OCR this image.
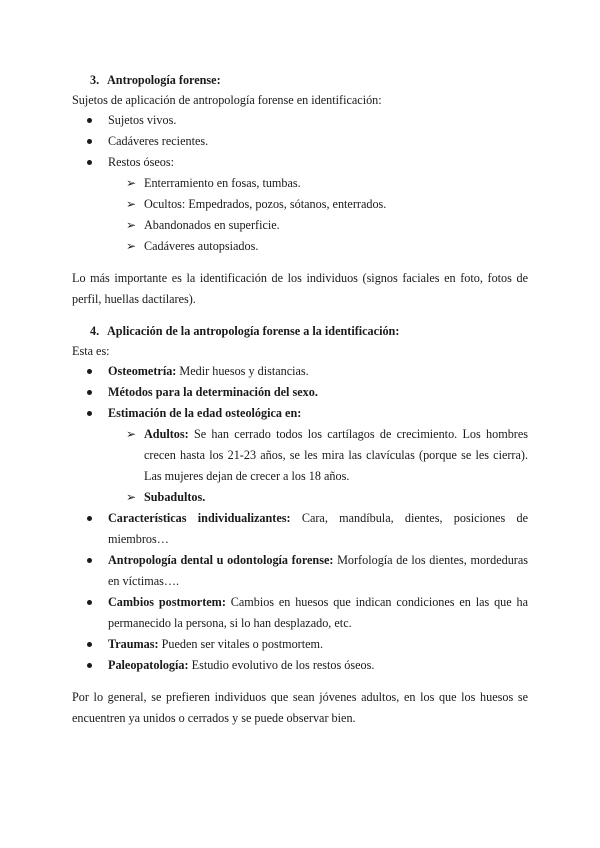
3. Antropología forense:
Sujetos de aplicación de antropología forense en identificación:
Sujetos vivos.
Cadáveres recientes.
Restos óseos:
➢ Enterramiento en fosas, tumbas.
➢ Ocultos: Empedrados, pozos, sótanos, enterrados.
➢ Abandonados en superficie.
➢ Cadáveres autopsiados.
Lo más importante es la identificación de los individuos (signos faciales en foto, fotos de perfil, huellas dactilares).
4. Aplicación de la antropología forense a la identificación:
Esta es:
Osteometría: Medir huesos y distancias.
Métodos para la determinación del sexo.
Estimación de la edad osteológica en:
➢ Adultos: Se han cerrado todos los cartílagos de crecimiento. Los hombres crecen hasta los 21-23 años, se les mira las clavículas (porque se les cierra). Las mujeres dejan de crecer a los 18 años.
➢ Subadultos.
Características individualizantes: Cara, mandíbula, dientes, posiciones de miembros…
Antropología dental u odontología forense: Morfología de los dientes, mordeduras en víctimas….
Cambios postmortem: Cambios en huesos que indican condiciones en las que ha permanecido la persona, si lo han desplazado, etc.
Traumas: Pueden ser vitales o postmortem.
Paleopatología: Estudio evolutivo de los restos óseos.
Por lo general, se prefieren individuos que sean jóvenes adultos, en los que los huesos se encuentren ya unidos o cerrados y se puede observar bien.
